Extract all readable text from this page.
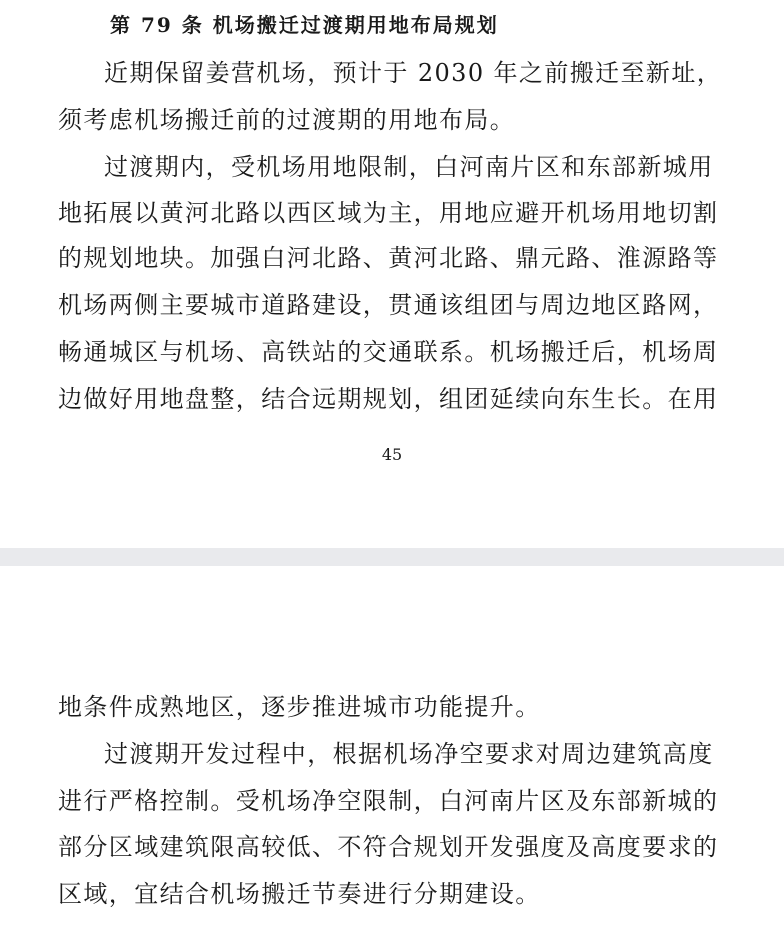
第 79 条 机场搬迁过渡期用地布局规划
近期保留姜营机场，预计于 2030 年之前搬迁至新址，
须考虑机场搬迁前的过渡期的用地布局。
过渡期内，受机场用地限制，白河南片区和东部新城用
地拓展以黄河北路以西区域为主，用地应避开机场用地切割
的规划地块。加强白河北路、黄河北路、鼎元路、淮源路等
机场两侧主要城市道路建设，贯通该组团与周边地区路网，
畅通城区与机场、高铁站的交通联系。机场搬迁后，机场周
边做好用地盘整，结合远期规划，组团延续向东生长。在用
45
地条件成熟地区，逐步推进城市功能提升。
过渡期开发过程中，根据机场净空要求对周边建筑高度
进行严格控制。受机场净空限制，白河南片区及东部新城的
部分区域建筑限高较低、不符合规划开发强度及高度要求的
区域，宜结合机场搬迁节奏进行分期建设。
